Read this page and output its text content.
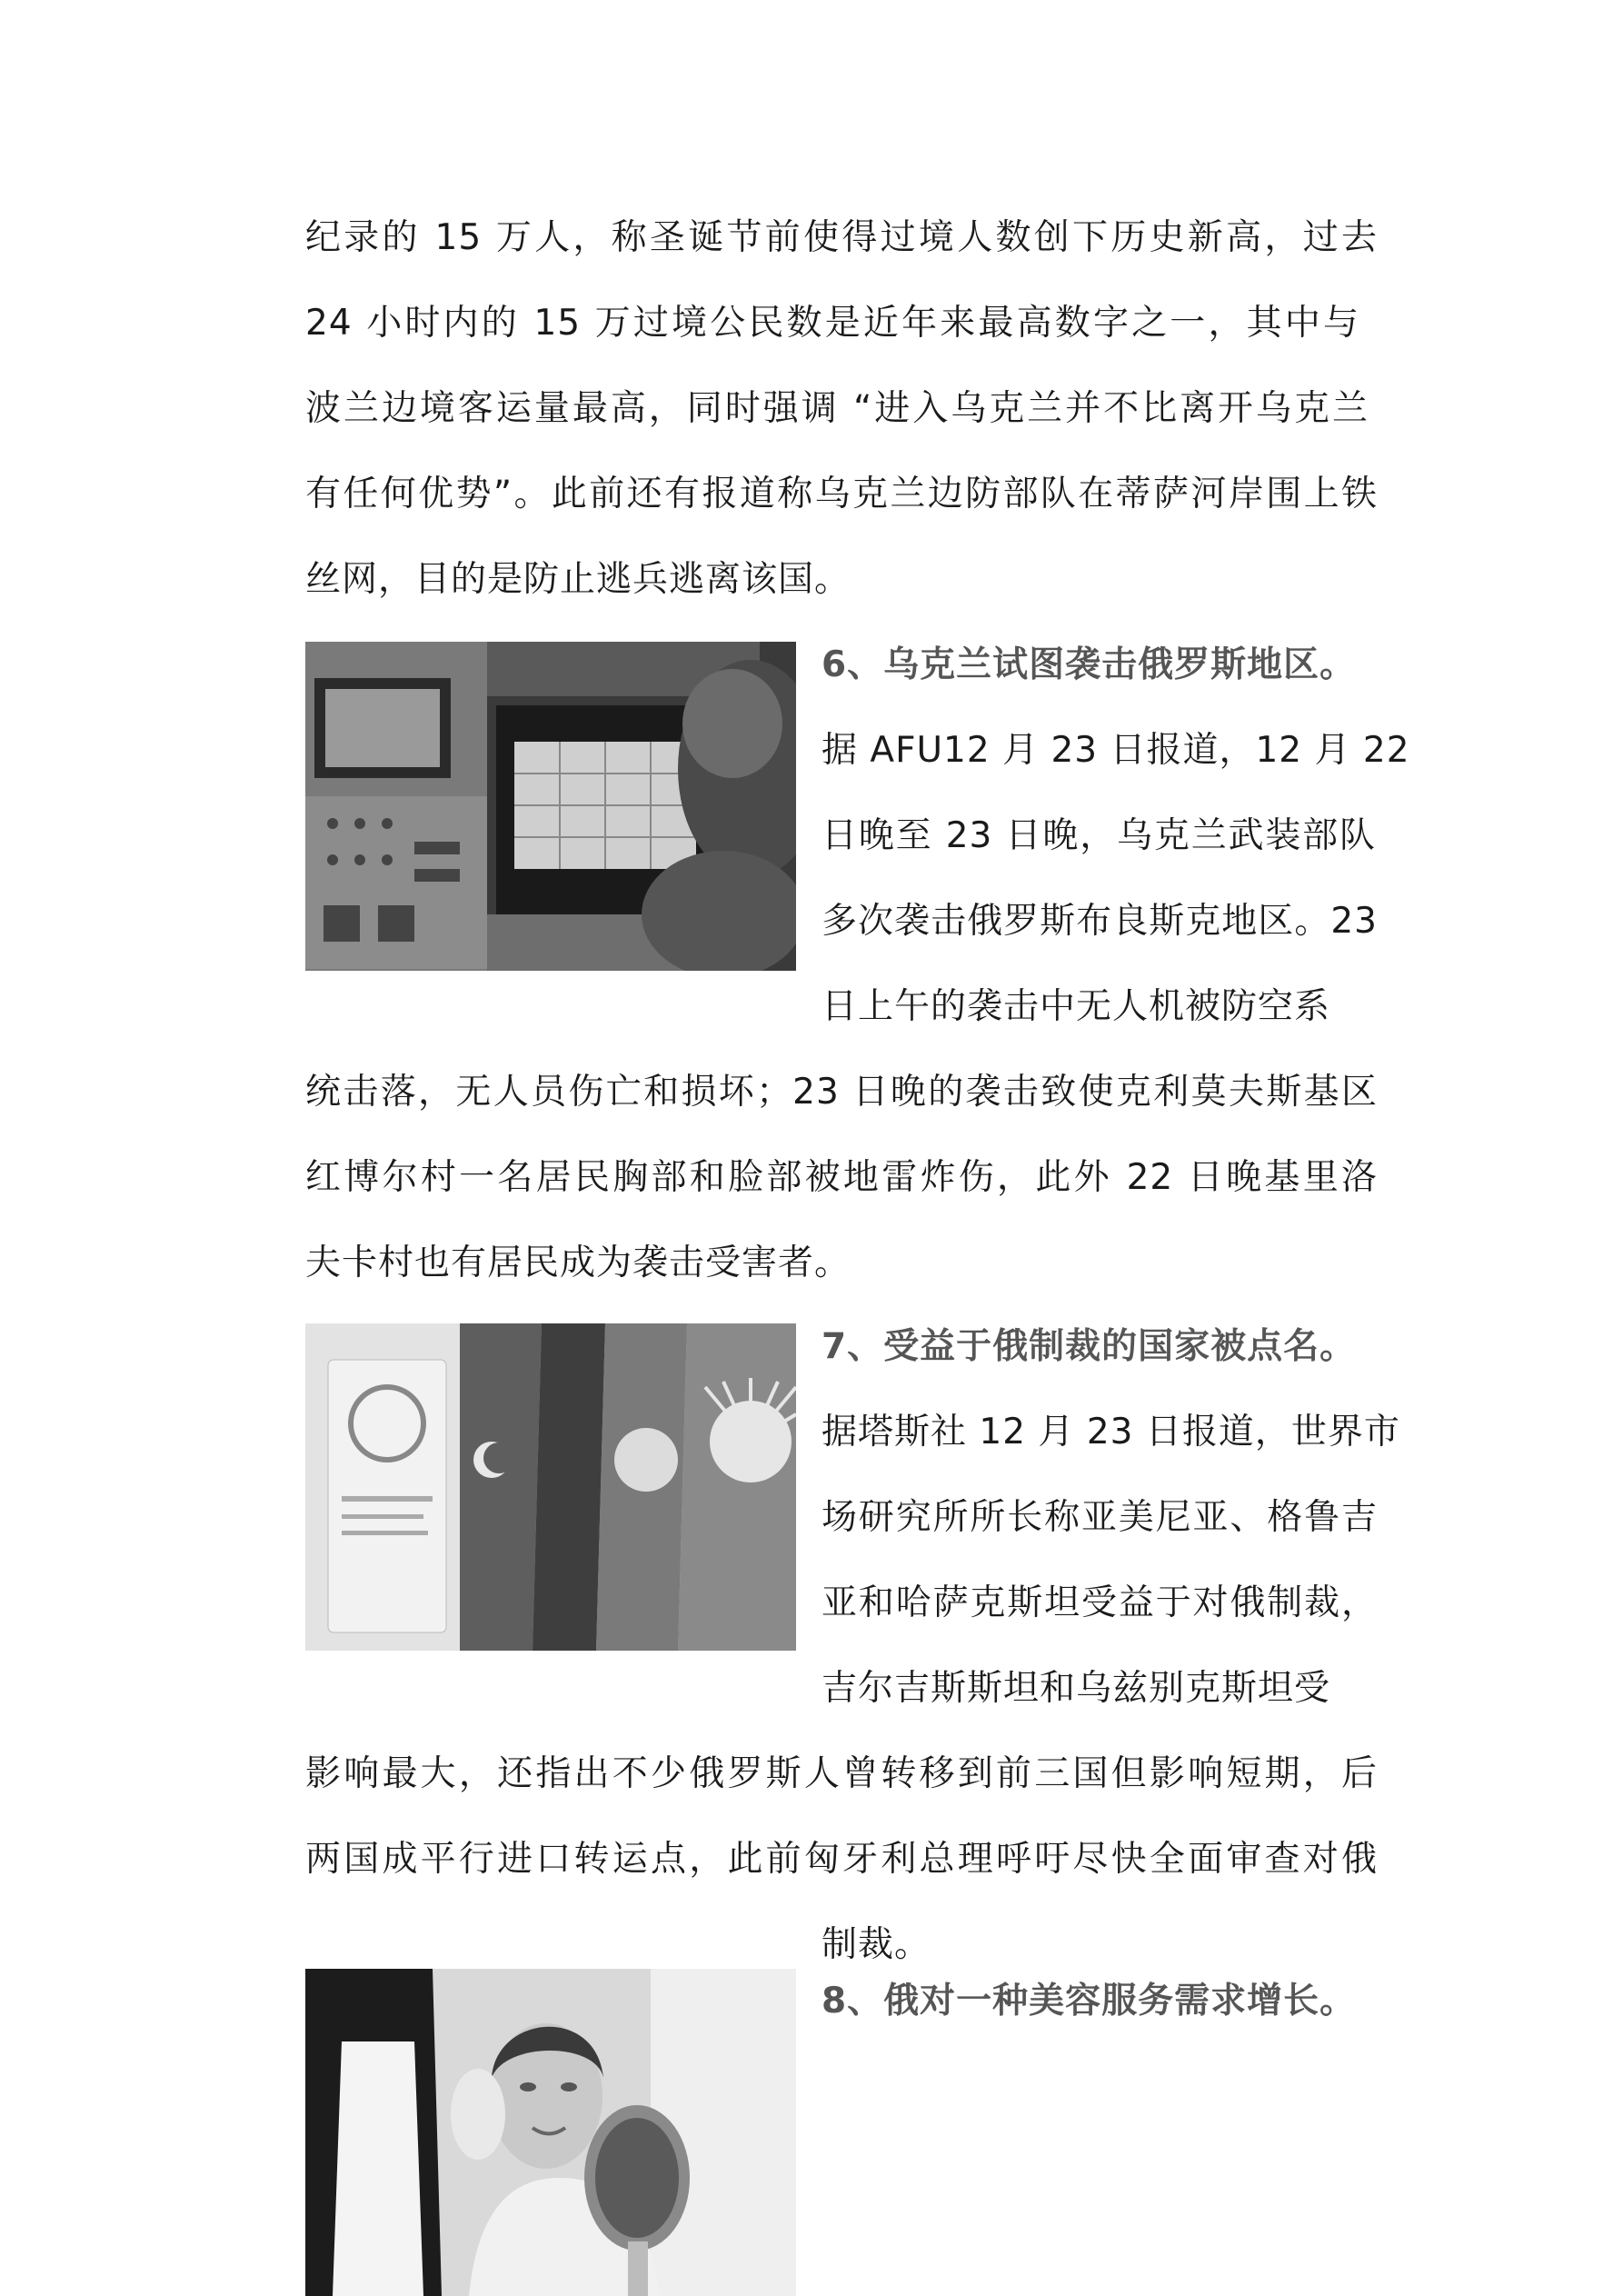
纪录的 15 万人，称圣诞节前使得过境人数创下历史新高，过去
24 小时内的 15 万过境公民数是近年来最高数字之一，其中与
波兰边境客运量最高，同时强调 “进入乌克兰并不比离开乌克兰
有任何优势”。此前还有报道称乌克兰边防部队在蒂萨河岸围上铁
丝网，目的是防止逃兵逃离该国。
6、乌克兰试图袭击俄罗斯地区。
据 AFU12 月 23 日报道，12 月 22
日晚至 23 日晚，乌克兰武装部队
多次袭击俄罗斯布良斯克地区。23
日上午的袭击中无人机被防空系
统击落，无人员伤亡和损坏；23 日晚的袭击致使克利莫夫斯基区
红博尔村一名居民胸部和脸部被地雷炸伤，此外 22 日晚基里洛
夫卡村也有居民成为袭击受害者。
7、受益于俄制裁的国家被点名。
据塔斯社 12 月 23 日报道，世界市
场研究所所长称亚美尼亚、格鲁吉
亚和哈萨克斯坦受益于对俄制裁，
吉尔吉斯斯坦和乌兹别克斯坦受
影响最大，还指出不少俄罗斯人曾转移到前三国但影响短期，后
两国成平行进口转运点，此前匈牙利总理呼吁尽快全面审查对俄
制裁。
8、俄对一种美容服务需求增长。
